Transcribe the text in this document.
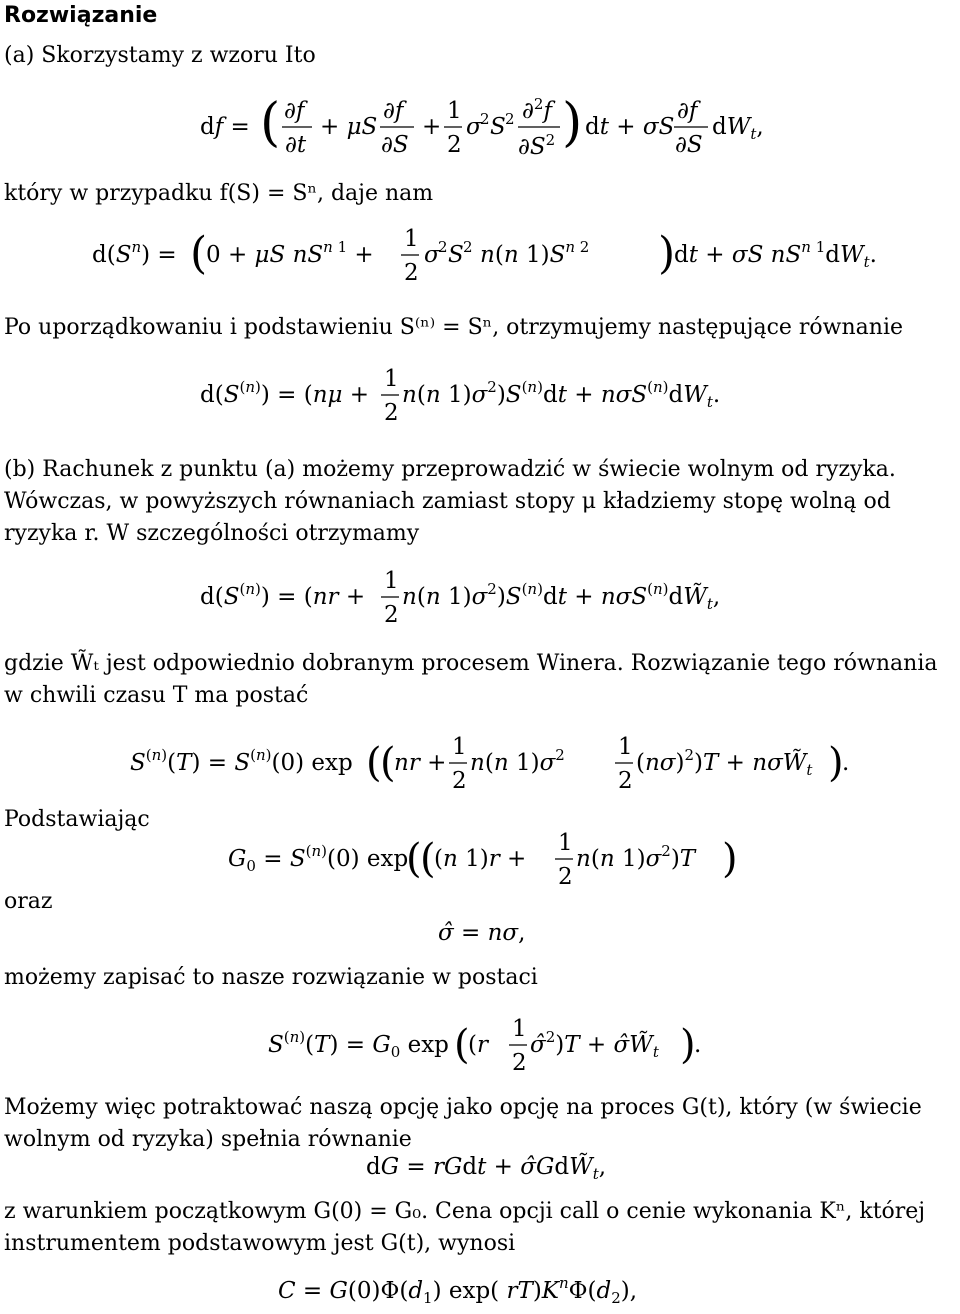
Rozwiązanie
(a) Skorzystamy z wzoru Ito
df = ( ∂f
∂t
+ μS
∂f
∂S
+
1
2
σ
2 S 2 ∂$^2$f
$\partial S^2$ ) dt + σS
∂f
∂S
$dW_t$,
który w przypadku f(S) = Sⁿ, daje nam
$d(S^n)$ = (
0 + μS $nS^n$ 1 +
1
2
σ
2 S 2 n(n $1)S^n$ 2 )
dt + σS $nS^n$ $1dW_t$.
Po uporządkowaniu i podstawieniu S⁽ⁿ⁾ = Sⁿ, otrzymujemy następujące równanie
$d(S^{(n)}) = (n\mu$ +
1
2
n(n $1)\sigma^2)S^{(n)}dt + n\sigma S^{(n)}dW_t$.
(b) Rachunek z punktu (a) możemy przeprowadzić w świecie wolnym od ryzyka. Wówczas, w powyższych równaniach zamiast stopy μ kładziemy stopę wolną od ryzyka r. W szczególności otrzymamy
$d(S^{(n)}) = (nr$ +
1
2
n(n $1)\sigma^2)S^{(n)}dt$ + $n\sigma S^{(n)}dW̃_t$,
gdzie W̃ₜ jest odpowiednio dobranym procesem Winera. Rozwiązanie tego równania w chwili czasu T ma postać
$S^{(n)}(T) = S^{(n)}(0)$ exp (
(
nr +
1
2
n(n $1)\sigma^2$ 1
2
$(n\sigma)^2)T$ + $n\sigma W̃_t$ )
.
Podstawiając
$G_0 = S^{(n)}(0)$ exp
(
(
(n 1)r +
1
2
n(n $1)\sigma^2)T$ )
oraz
σ̂ = nσ,
możemy zapisać to nasze rozwiązanie w postaci
$S^{(n)}(T) = G_0$ exp (
(r
1
2
σ̂$^2$)T + $\sigmâW̃_t$ )
.
Możemy więc potraktować naszą opcję jako opcję na proces G(t), który (w świecie wolnym od ryzyka) spełnia równanie
dG = rGdt + $\sigmâGdW̃_t$,
z warunkiem początkowym G(0) = G₀. Cena opcji call o cenie wykonania Kⁿ, której instrumentem podstawowym jest G(t), wynosi
$C = G(0)\Phi(d_1)$ exp( $rT)K^n\Phi(d_2)$,
